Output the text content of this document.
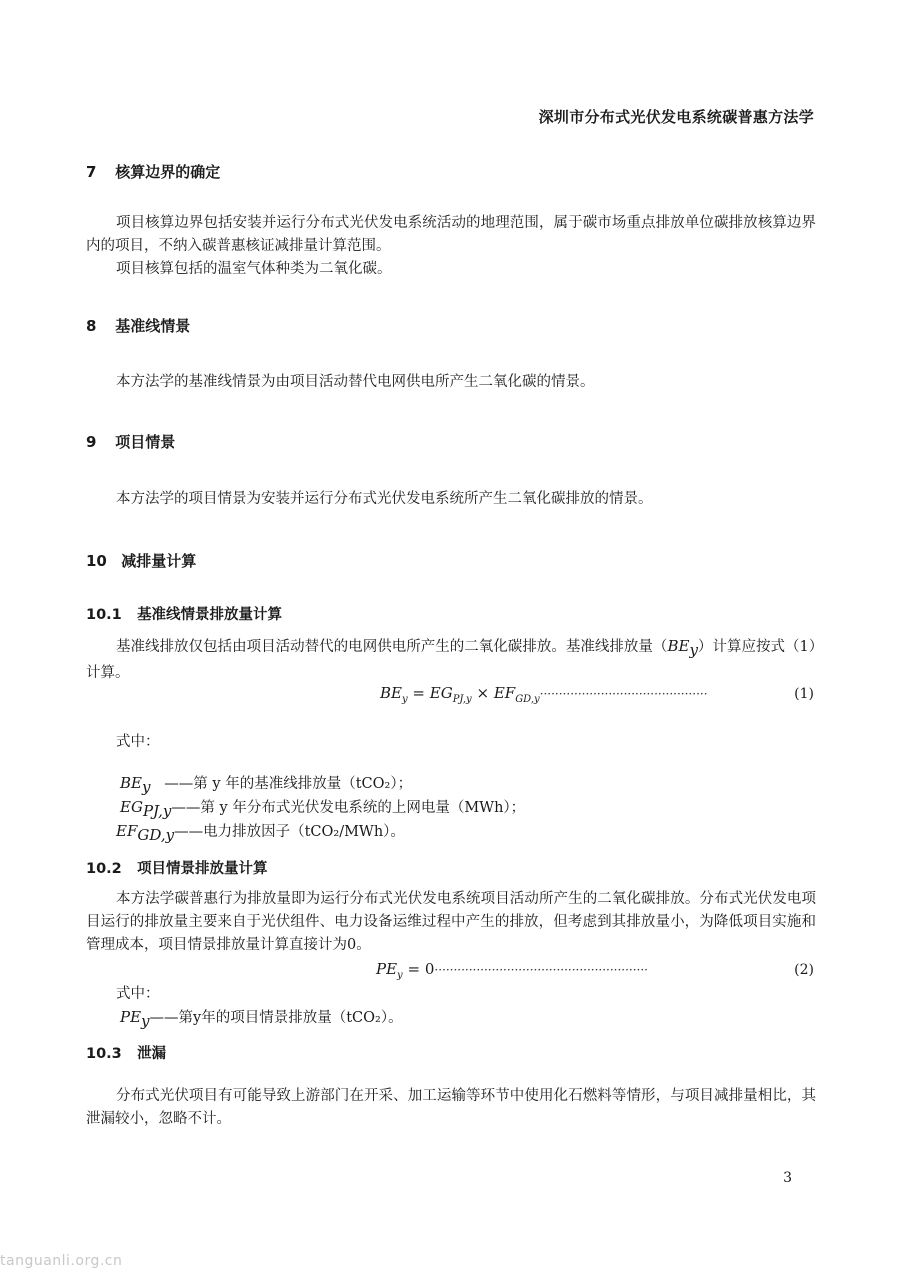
深圳市分布式光伏发电系统碳普惠方法学
7 核算边界的确定
项目核算边界包括安装并运行分布式光伏发电系统活动的地理范围，属于碳市场重点排放单位碳排放核算边界内的项目，不纳入碳普惠核证减排量计算范围。
项目核算包括的温室气体种类为二氧化碳。
8 基准线情景
本方法学的基准线情景为由项目活动替代电网供电所产生二氧化碳的情景。
9 项目情景
本方法学的项目情景为安装并运行分布式光伏发电系统所产生二氧化碳排放的情景。
10 减排量计算
10.1 基准线情景排放量计算
基准线排放仅包括由项目活动替代的电网供电所产生的二氧化碳排放。基准线排放量$(BE_y)$计算应按式（1）计算。
$BE_y = EG_{PJ,y} \times EF_{GD,y}\cdot\cdot\cdot\cdot\cdot\cdot\cdot\cdot\cdot\cdot\cdot\cdot\cdot\cdot\cdot\cdot\cdot\cdot\cdot\cdot\cdot\cdot\cdot\cdot\cdot\cdot\cdot\cdot\cdot\cdot\cdot\cdot\cdot\cdot\cdot\cdot\cdot\cdot\cdot\cdot\cdot\cdot\cdot\cdot$	(1)
式中：
$BE_y$ ——第 y 年的基准线排放量（tCO₂）；
$EG_{PJ,y}——$第 y 年分布式光伏发电系统的上网电量（MWh）；
$EF_{GD,y}——$电力排放因子（tCO₂/MWh）。
10.2 项目情景排放量计算
本方法学碳普惠行为排放量即为运行分布式光伏发电系统项目活动所产生的二氧化碳排放。分布式光伏发电项目运行的排放量主要来自于光伏组件、电力设备运维过程中产生的排放，但考虑到其排放量小，为降低项目实施和管理成本，项目情景排放量计算直接计为0。
$PE_y = 0\cdot\cdot\cdot\cdot\cdot\cdot\cdot\cdot\cdot\cdot\cdot\cdot\cdot\cdot\cdot\cdot\cdot\cdot\cdot\cdot\cdot\cdot\cdot\cdot\cdot\cdot\cdot\cdot\cdot\cdot\cdot\cdot\cdot\cdot\cdot\cdot\cdot\cdot\cdot\cdot\cdot\cdot\cdot\cdot\cdot\cdot\cdot\cdot\cdot\cdot\cdot\cdot\cdot\cdot\cdot\cdot$	(2)
式中：
$PE_y——$第y年的项目情景排放量（tCO₂）。
10.3 泄漏
分布式光伏项目有可能导致上游部门在开采、加工运输等环节中使用化石燃料等情形，与项目减排量相比，其泄漏较小，忽略不计。
3
tanguanli.org.cn
